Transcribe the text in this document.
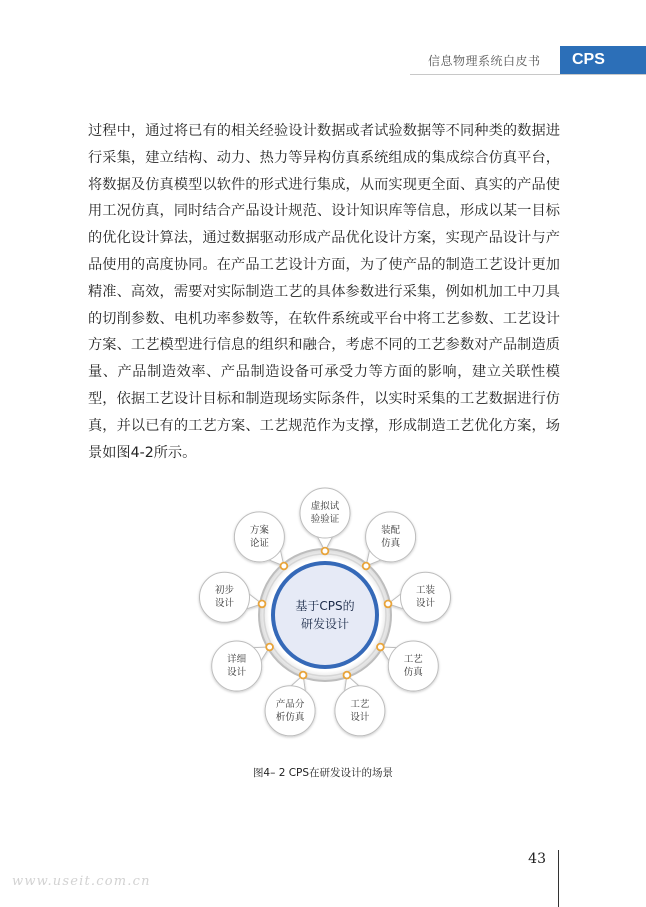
信息物理系统白皮书	CPS

过程中，通过将已有的相关经验设计数据或者试验数据等不同种类的数据进行采集，建立结构、动力、热力等异构仿真系统组成的集成综合仿真平台，将数据及仿真模型以软件的形式进行集成，从而实现更全面、真实的产品使用工况仿真，同时结合产品设计规范、设计知识库等信息，形成以某一目标的优化设计算法，通过数据驱动形成产品优化设计方案，实现产品设计与产品使用的高度协同。在产品工艺设计方面，为了使产品的制造工艺设计更加精准、高效，需要对实际制造工艺的具体参数进行采集，例如机加工中刀具的切削参数、电机功率参数等，在软件系统或平台中将工艺参数、工艺设计方案、工艺模型进行信息的组织和融合，考虑不同的工艺参数对产品制造质量、产品制造效率、产品制造设备可承受力等方面的影响，建立关联性模型，依据工艺设计目标和制造现场实际条件，以实时采集的工艺数据进行仿真，并以已有的工艺方案、工艺规范作为支撑，形成制造工艺优化方案，场景如图4-2所示。

基于CPS的
研发设计
虚拟试
验验证
装配
仿真
工装
设计
工艺
仿真
工艺
设计
产品分
析仿真
详细
设计
初步
设计
方案
论证
图4– 2 CPS在研发设计的场景
43
www.useit.com.cn
